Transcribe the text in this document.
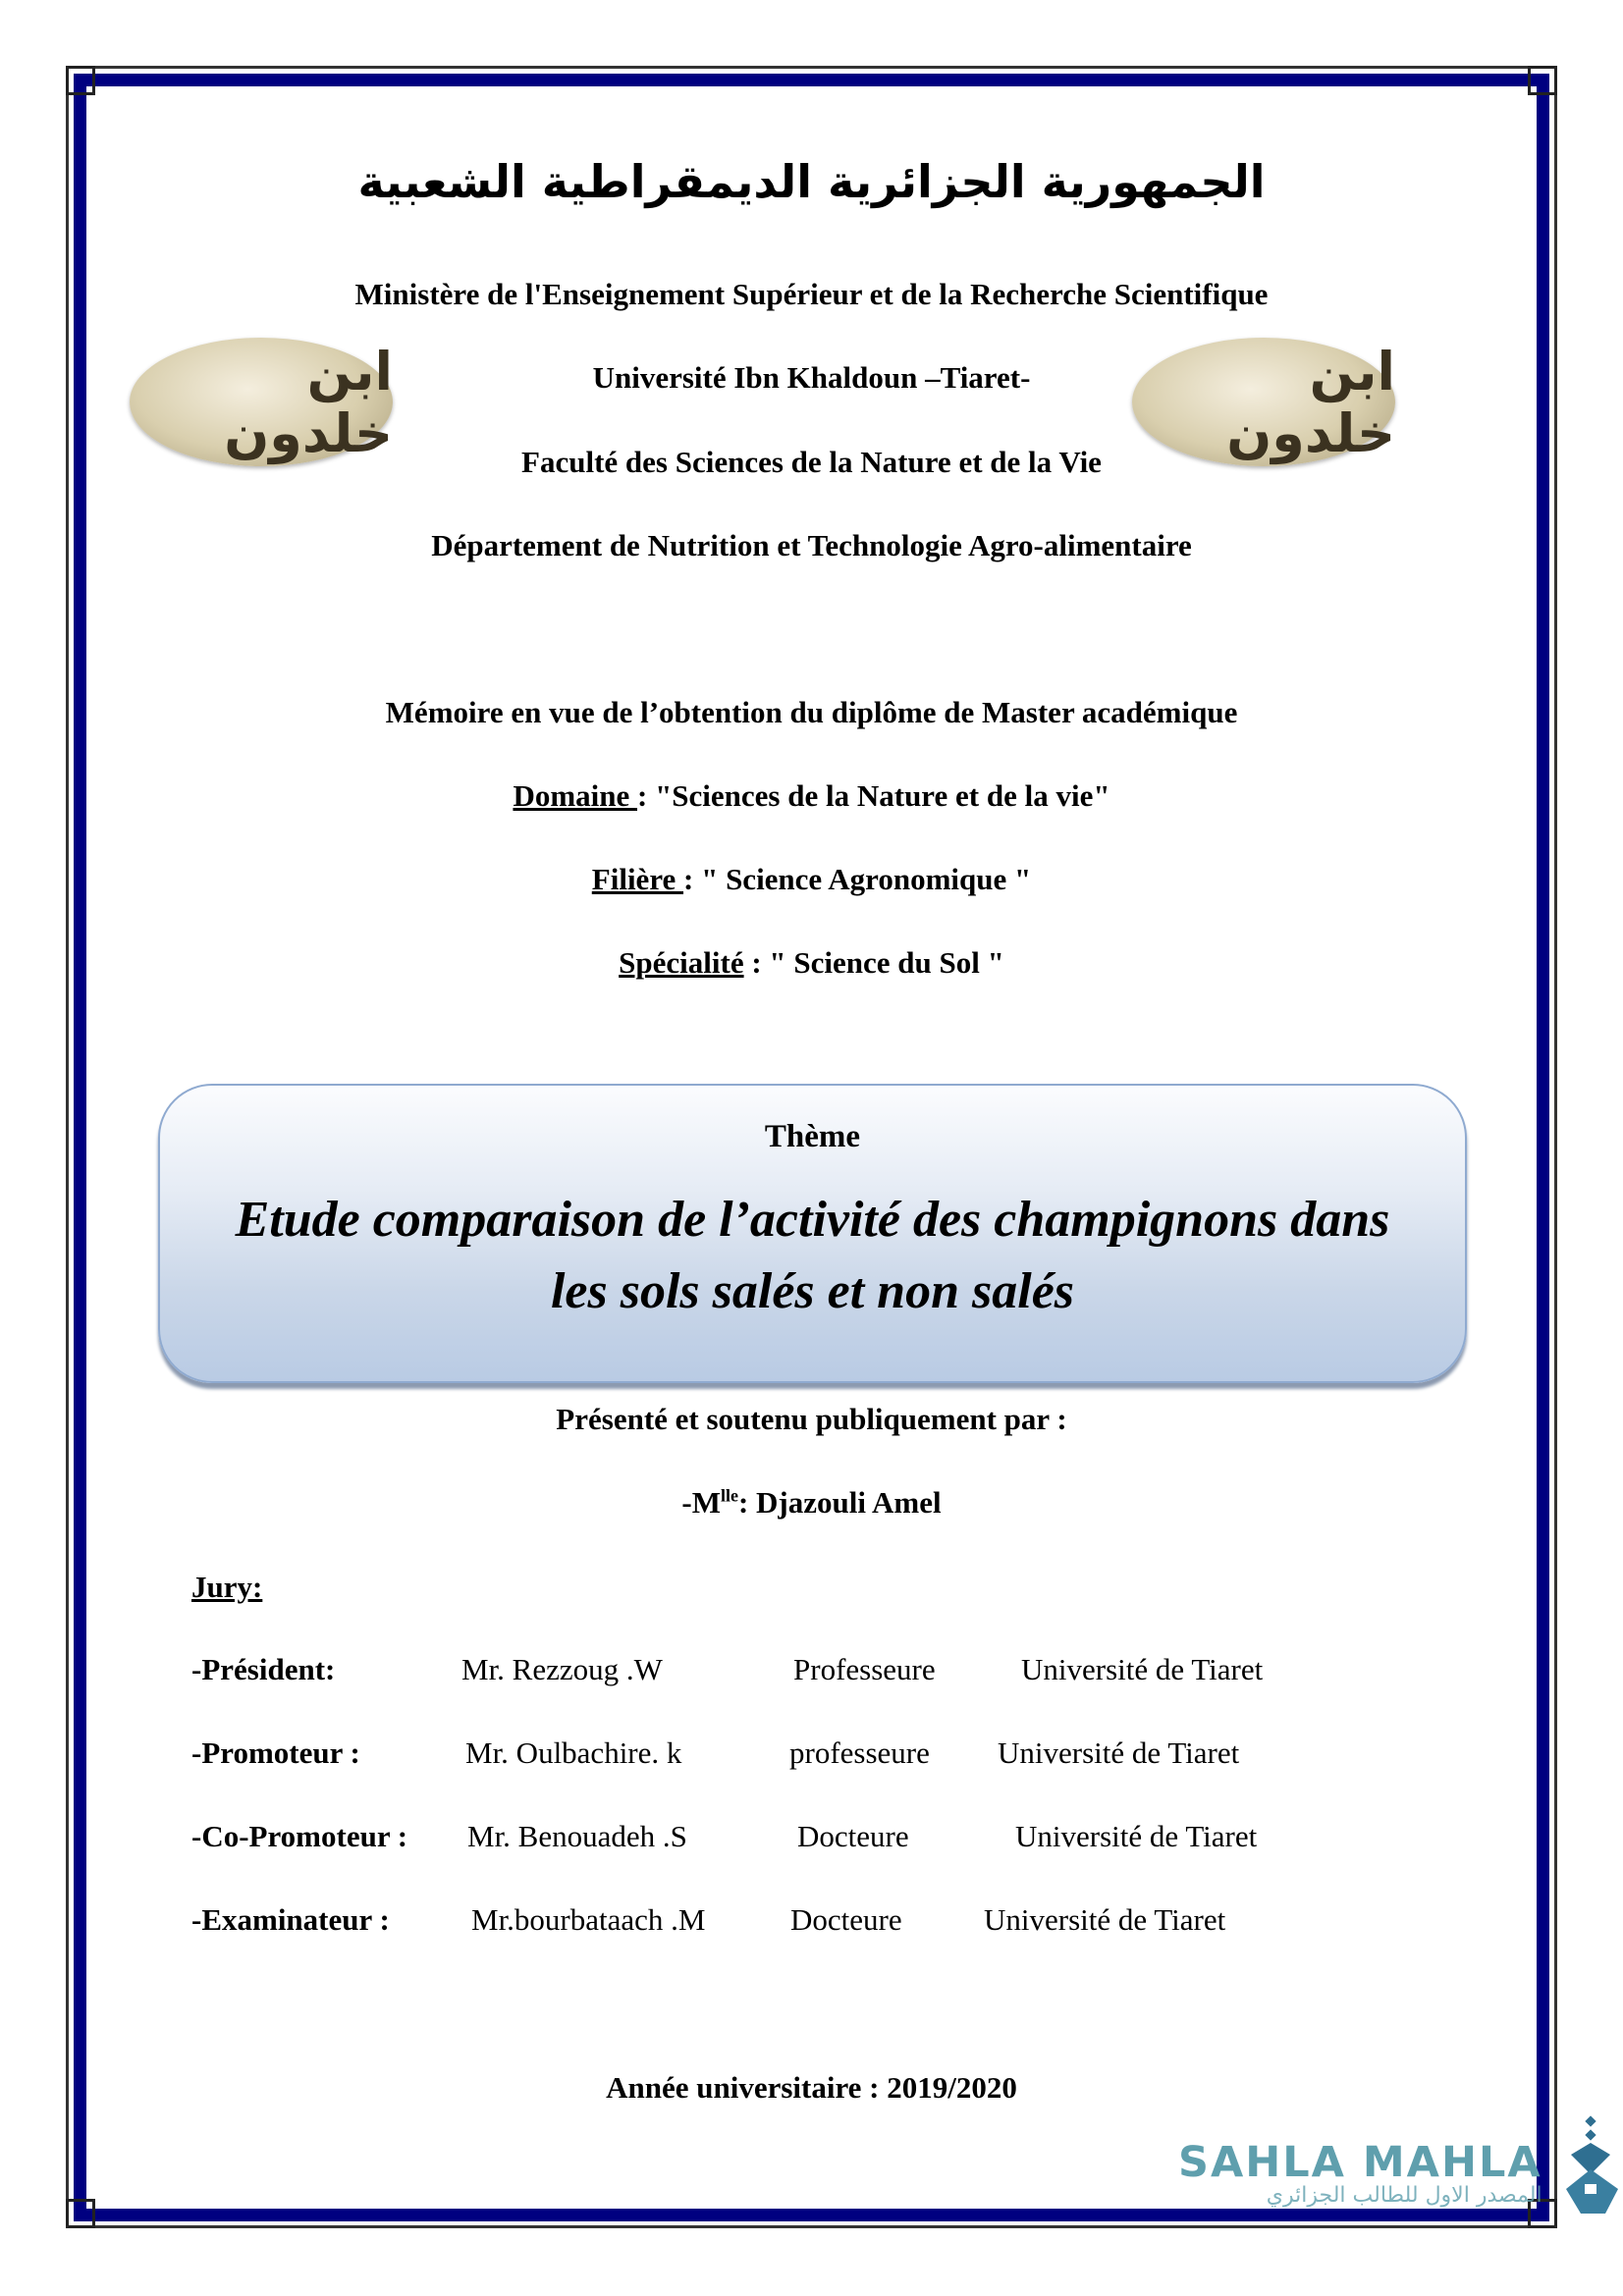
الجمهورية الجزائرية الديمقراطية الشعبية
Ministère de l'Enseignement Supérieur et de la Recherche Scientifique
Université Ibn Khaldoun –Tiaret-
Faculté des Sciences de la Nature et de la Vie
Département de Nutrition et Technologie Agro-alimentaire
ابن خلدون
ابن خلدون
Mémoire en vue de l’obtention du diplôme de Master académique
Domaine : "Sciences de la Nature et de la vie"
Filière : " Science Agronomique "
Spécialité : " Science du Sol "
Thème
Etude comparaison de l’activité des champignons dans
les sols salés et non salés
Présenté et soutenu publiquement par :
$-M^{lle}$: Djazouli Amel
Jury:
-Président:	Mr. Rezzoug .W	Professeure	Université de Tiaret
-Promoteur :	Mr. Oulbachire. k	professeure Université de Tiaret
-Co-Promoteur : Mr. Benouadeh .S	Docteure	Université de Tiaret
-Examinateur :	Mr.bourbataach .M	Docteure	Université de Tiaret
Année universitaire : 2019/2020
SAHLA MAHLA
المصدر الاول للطالب الجزائري
